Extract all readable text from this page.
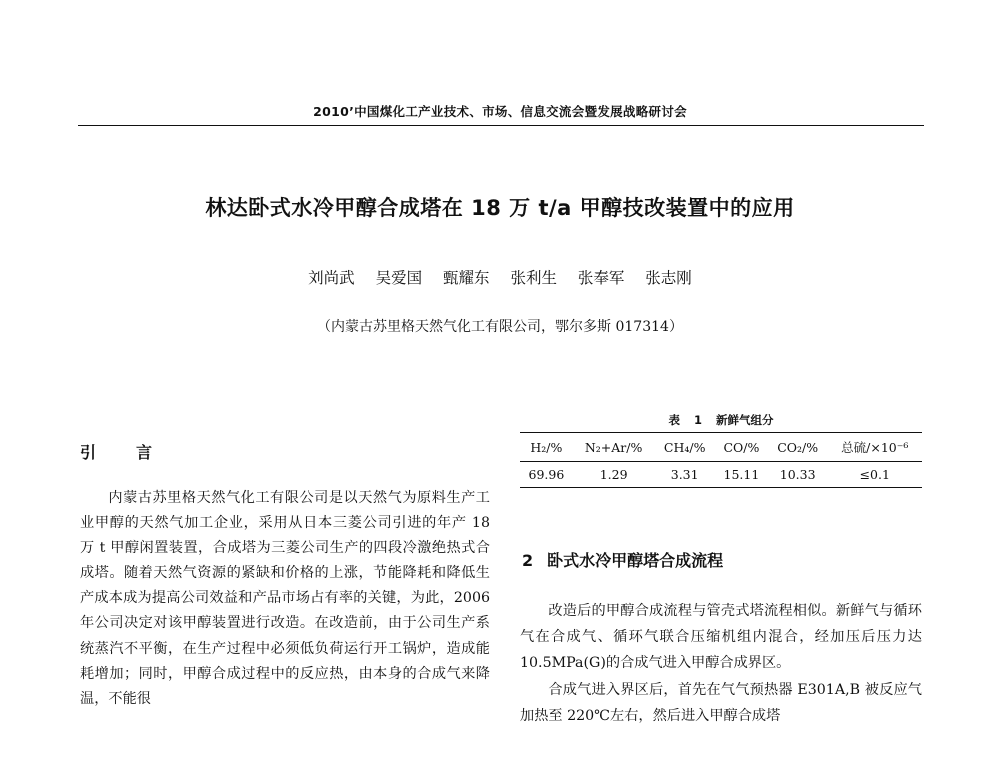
2010’中国煤化工产业技术、市场、信息交流会暨发展战略研讨会
林达卧式水冷甲醇合成塔在 18 万 t/a 甲醇技改装置中的应用
刘尚武 吴爱国 甄耀东 张利生 张奉军 张志刚
（内蒙古苏里格天然气化工有限公司，鄂尔多斯 017314）
引言

内蒙古苏里格天然气化工有限公司是以天然气为原料生产工业甲醇的天然气加工企业，采用从日本三菱公司引进的年产 18 万 t 甲醇闲置装置，合成塔为三菱公司生产的四段冷激绝热式合成塔。随着天然气资源的紧缺和价格的上涨，节能降耗和降低生产成本成为提高公司效益和产品市场占有率的关键，为此，2006 年公司决定对该甲醇装置进行改造。在改造前，由于公司生产系统蒸汽不平衡，在生产过程中必须低负荷运行开工锅炉，造成能耗增加；同时，甲醇合成过程中的反应热，由本身的合成气来降温，不能很

表 1 新鲜气组分
H₂/%	N₂+Ar/%	CH₄/%	CO/%	CO₂/%	总硫/×10⁻⁶
69.96	1.29	3.31	15.11	10.33	≤0.1
2 卧式水冷甲醇塔合成流程

改造后的甲醇合成流程与管壳式塔流程相似。新鲜气与循环气在合成气、循环气联合压缩机组内混合，经加压后压力达 10.5MPa(G)的合成气进入甲醇合成界区。

合成气进入界区后，首先在气气预热器 E301A,B 被反应气加热至 220℃左右，然后进入甲醇合成塔
